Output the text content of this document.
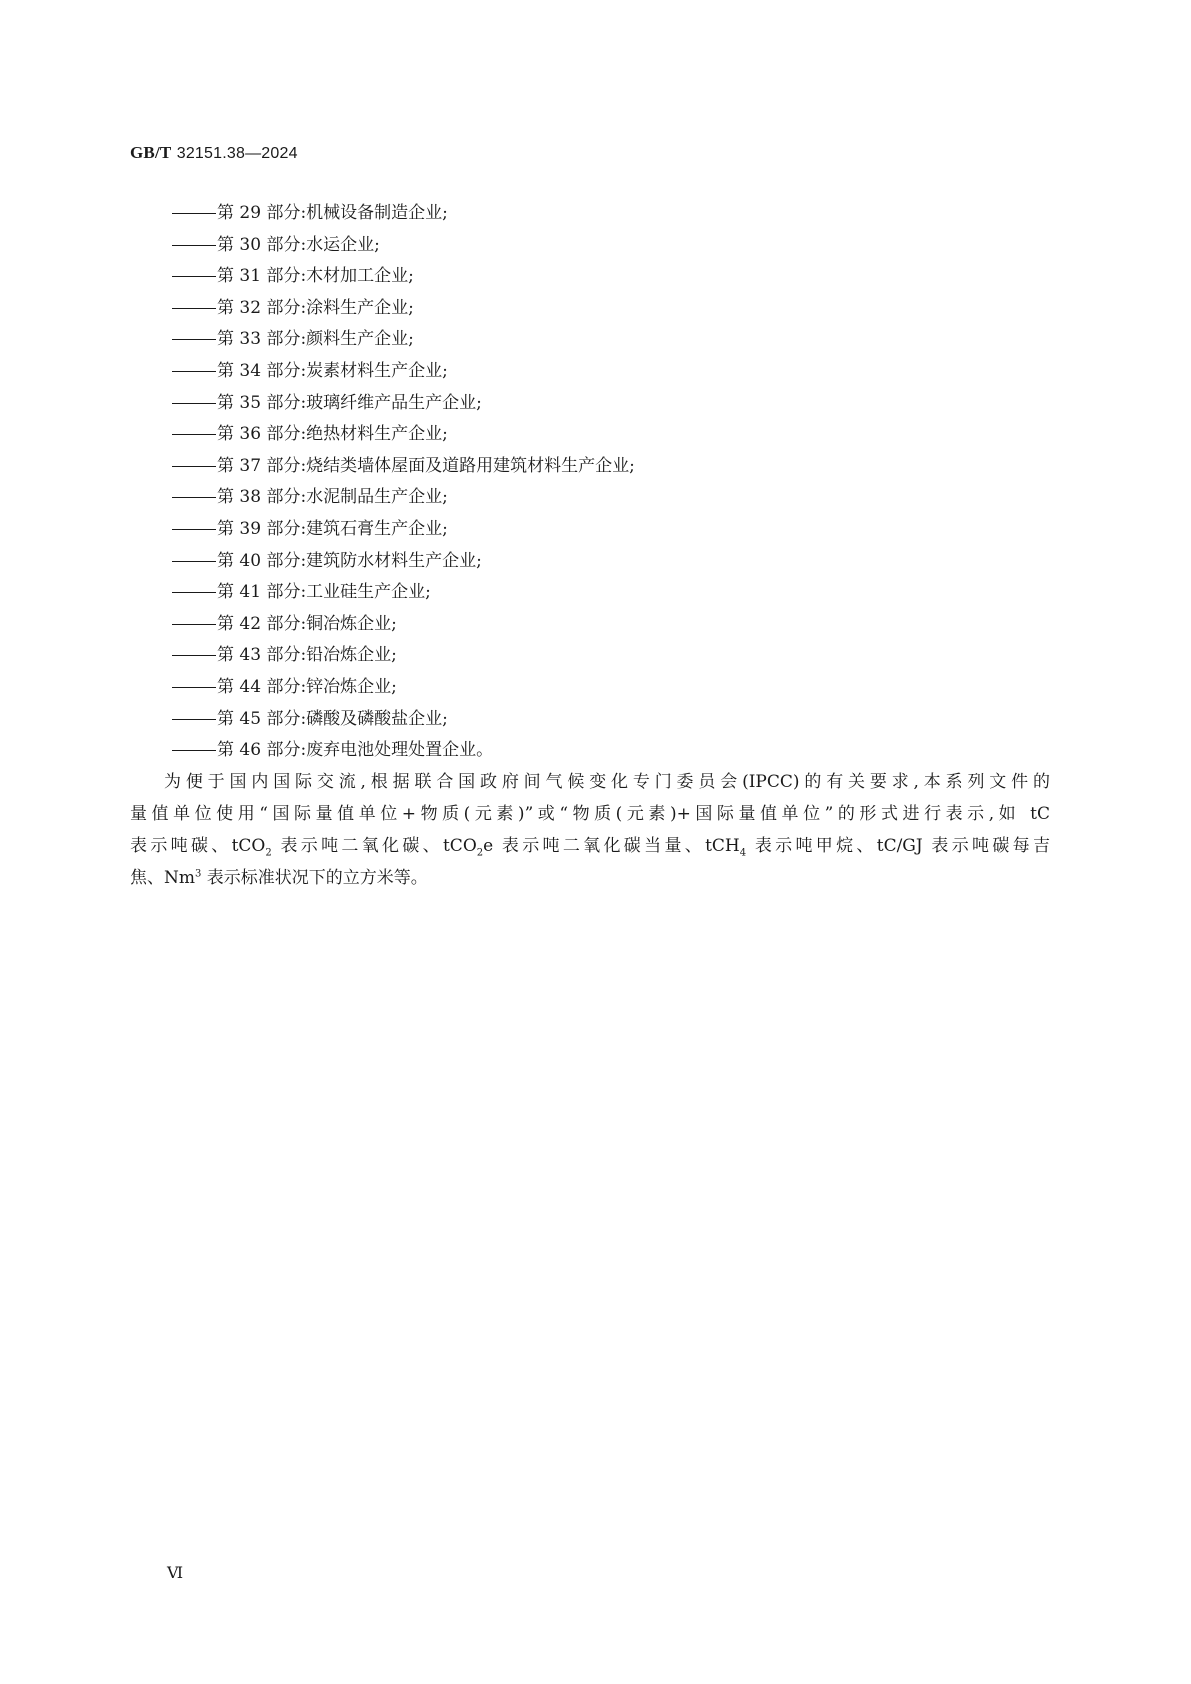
GB/T 32151.38—2024
第 29 部分:机械设备制造企业;
第 30 部分:水运企业;
第 31 部分:木材加工企业;
第 32 部分:涂料生产企业;
第 33 部分:颜料生产企业;
第 34 部分:炭素材料生产企业;
第 35 部分:玻璃纤维产品生产企业;
第 36 部分:绝热材料生产企业;
第 37 部分:烧结类墙体屋面及道路用建筑材料生产企业;
第 38 部分:水泥制品生产企业;
第 39 部分:建筑石膏生产企业;
第 40 部分:建筑防水材料生产企业;
第 41 部分:工业硅生产企业;
第 42 部分:铜冶炼企业;
第 43 部分:铅冶炼企业;
第 44 部分:锌冶炼企业;
第 45 部分:磷酸及磷酸盐企业;
第 46 部分:废弃电池处理处置企业。
为便于国内国际交流,根据联合国政府间气候变化专门委员会(IPCC)的有关要求,本系列文件的
量值单位使用“国际量值单位+物质(元素)”或“物质(元素)+国际量值单位”的形式进行表示,如 tC
表示吨碳、tCO$_2$ 表示吨二氧化碳、tCO$_2$e 表示吨二氧化碳当量、tCH$_4$ 表示吨甲烷、tC/GJ 表示吨碳每吉
焦、Nm$^3$ 表示标准状况下的立方米等。
Ⅵ
